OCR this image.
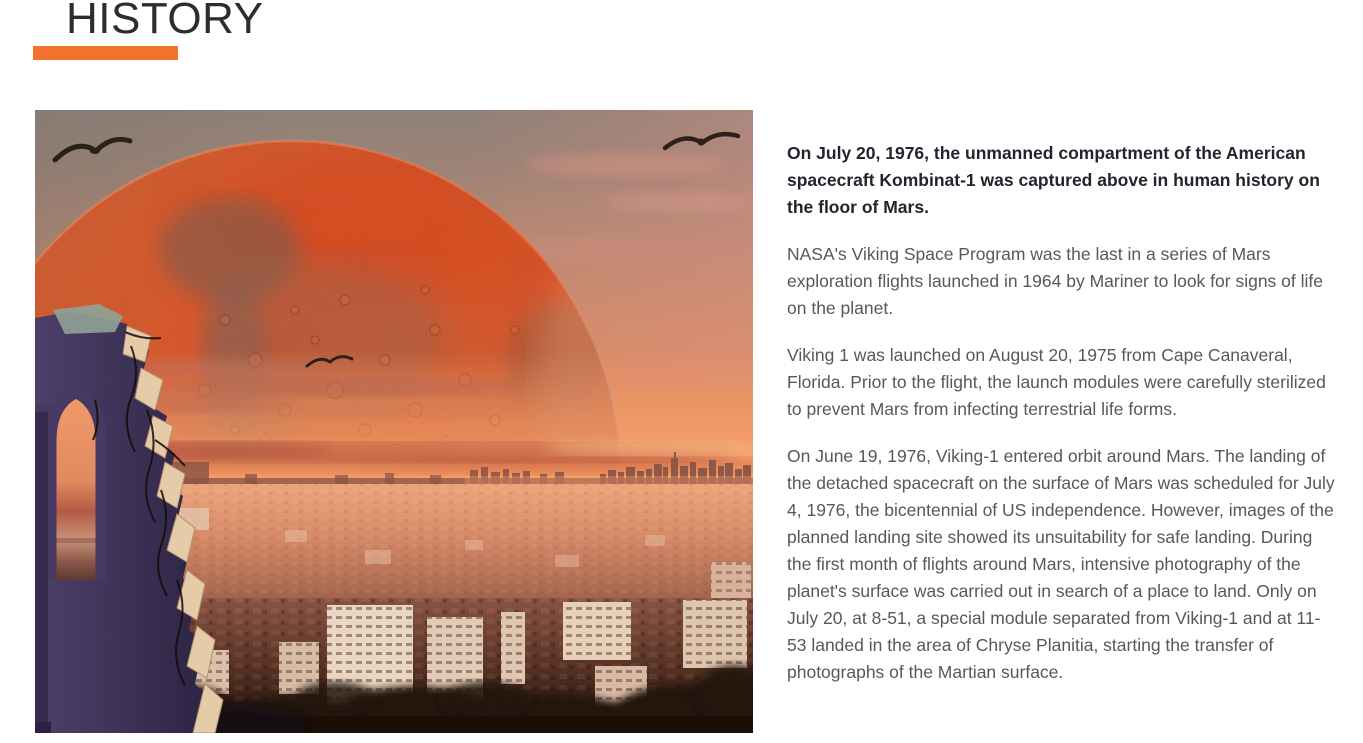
HISTORY

On July 20, 1976, the unmanned compartment of the American spacecraft Kombinat-1 was captured above in human history on the floor of Mars.

NASA's Viking Space Program was the last in a series of Mars exploration flights launched in 1964 by Mariner to look for signs of life on the planet.

Viking 1 was launched on August 20, 1975 from Cape Canaveral, Florida. Prior to the flight, the launch modules were carefully sterilized to prevent Mars from infecting terrestrial life forms.

On June 19, 1976, Viking-1 entered orbit around Mars. The landing of the detached spacecraft on the surface of Mars was scheduled for July 4, 1976, the bicentennial of US independence. However, images of the planned landing site showed its unsuitability for safe landing. During the first month of flights around Mars, intensive photography of the planet's surface was carried out in search of a place to land. Only on July 20, at 8-51, a special module separated from Viking-1 and at 11-53 landed in the area of Chryse Planitia, starting the transfer of photographs of the Martian surface.
